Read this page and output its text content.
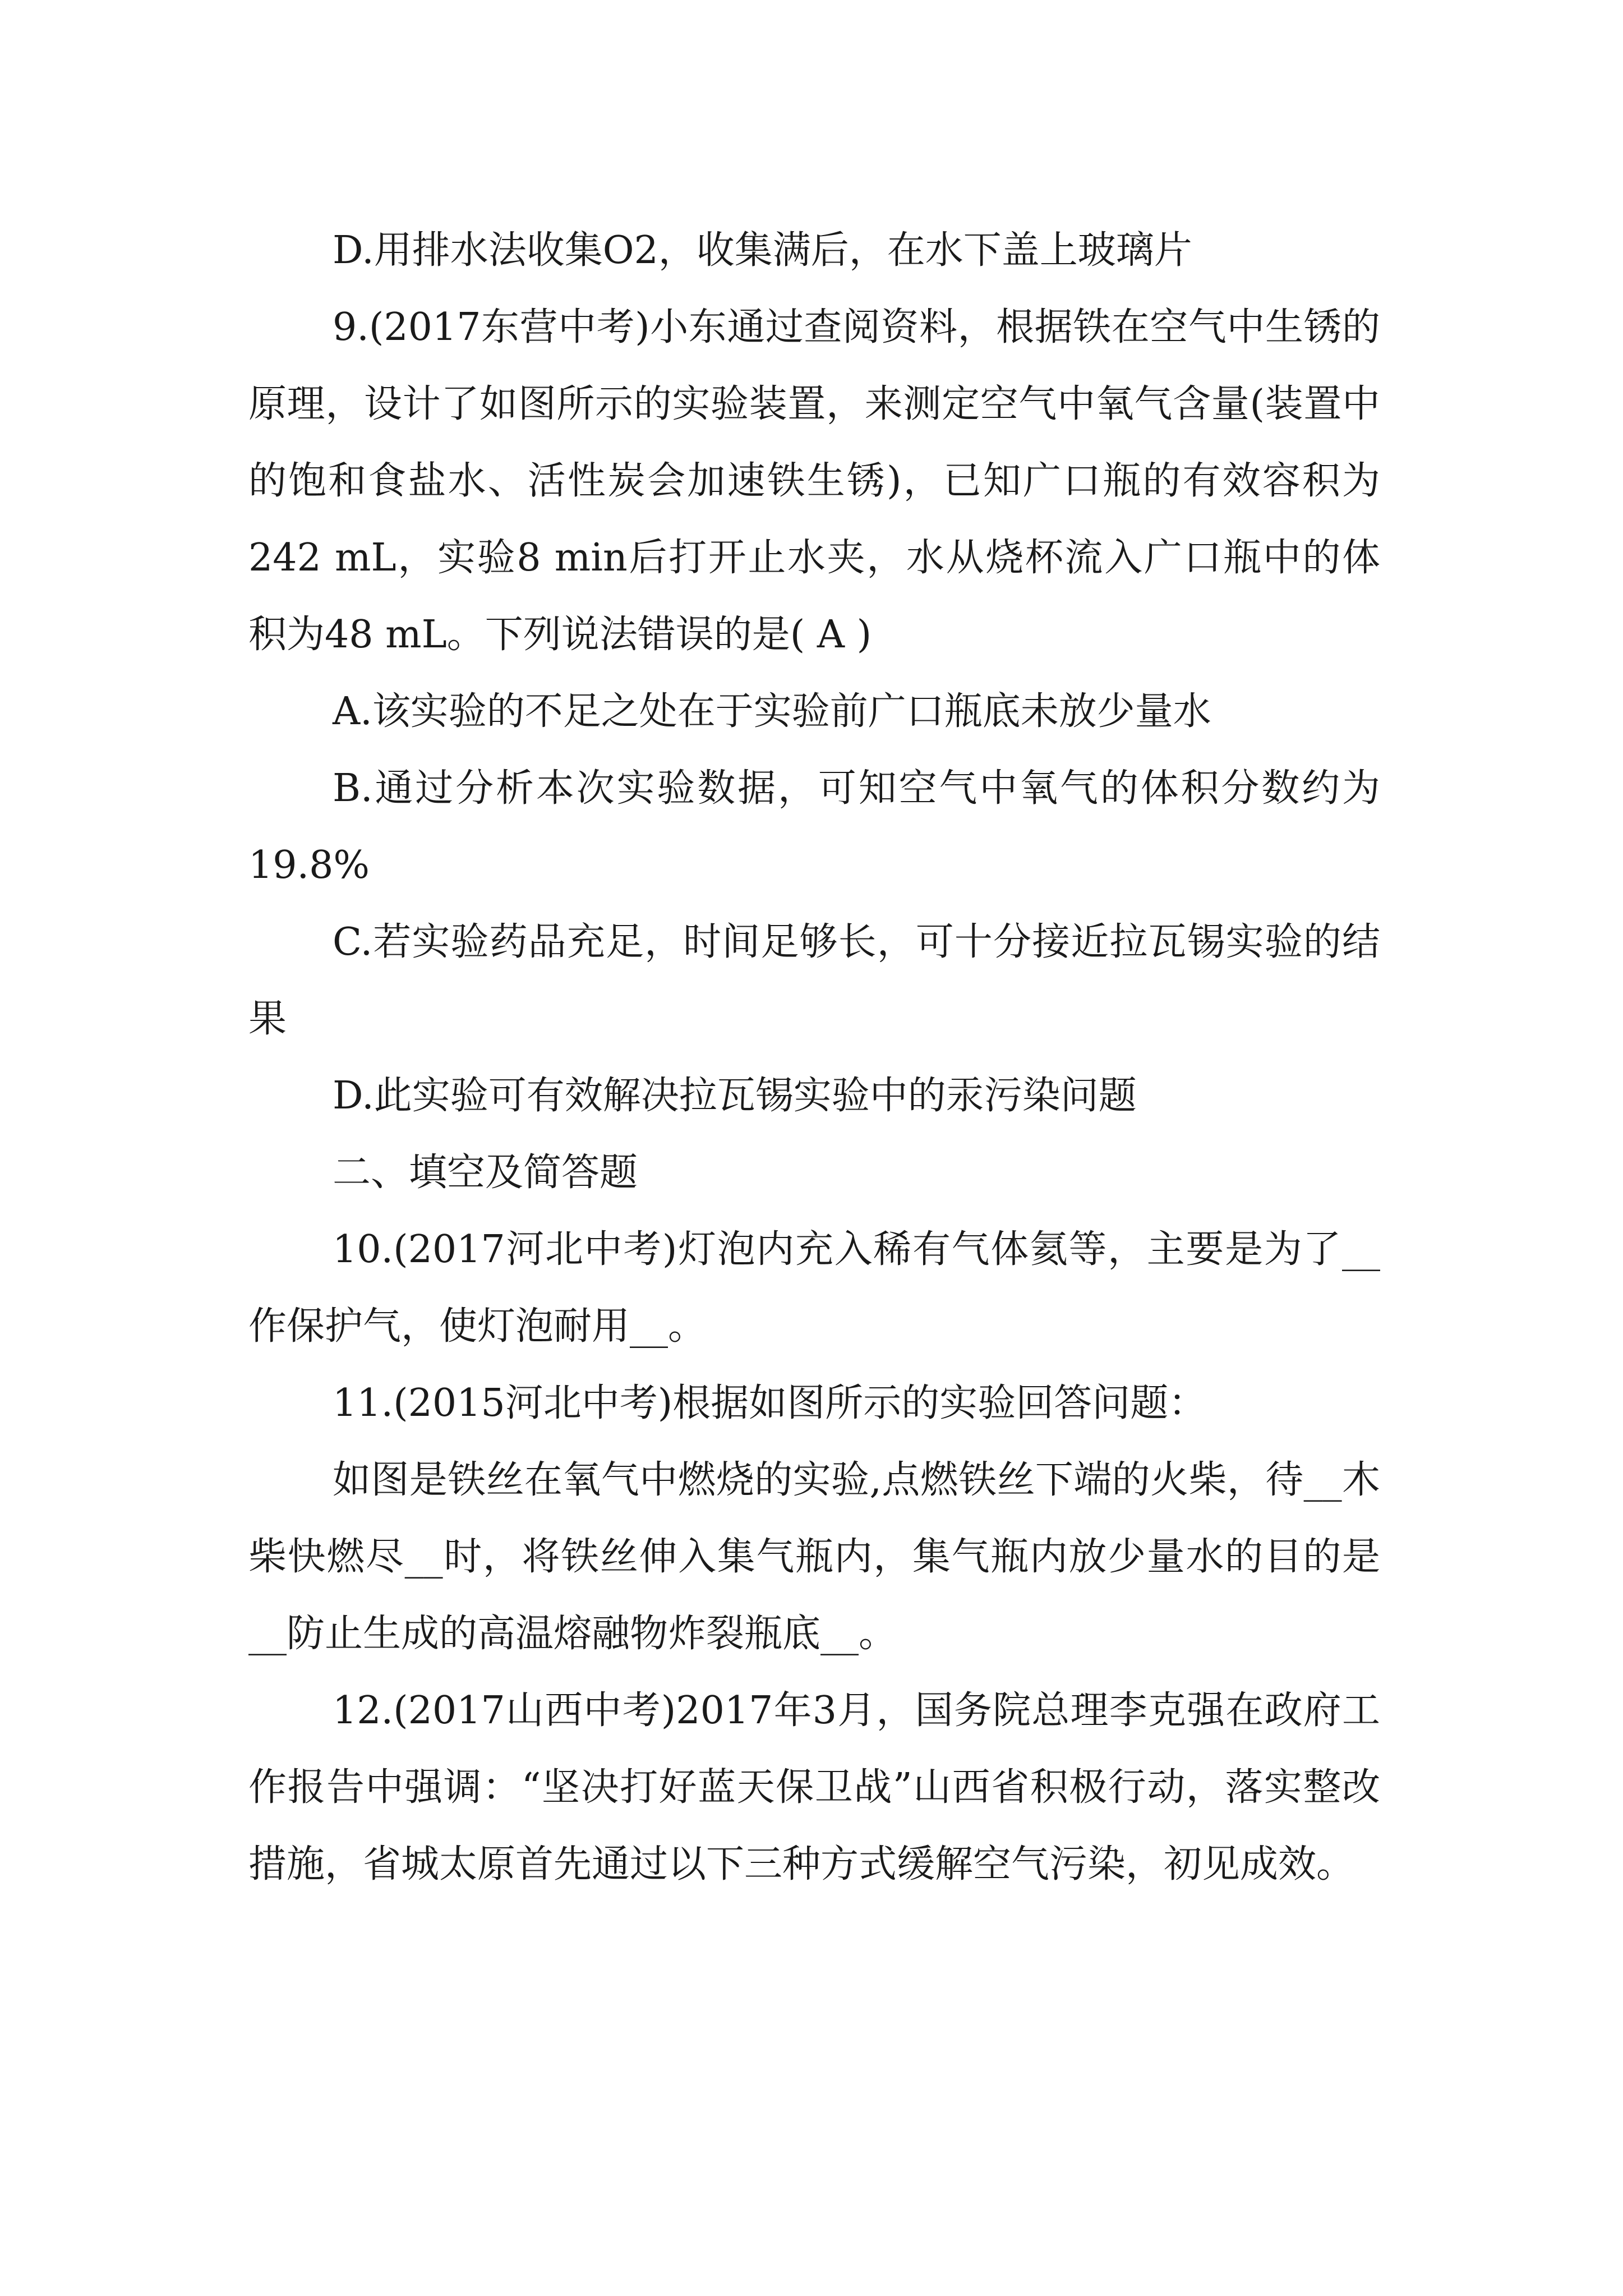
D.用排水法收集O2，收集满后，在水下盖上玻璃片

9.(2017东营中考)小东通过查阅资料，根据铁在空气中生锈的原理，设计了如图所示的实验装置，来测定空气中氧气含量(装置中的饱和食盐水、活性炭会加速铁生锈)，已知广口瓶的有效容积为242 mL，实验8 min后打开止水夹，水从烧杯流入广口瓶中的体积为48 mL。下列说法错误的是( A )

A.该实验的不足之处在于实验前广口瓶底未放少量水

B.通过分析本次实验数据，可知空气中氧气的体积分数约为19.8%

C.若实验药品充足，时间足够长，可十分接近拉瓦锡实验的结果

D.此实验可有效解决拉瓦锡实验中的汞污染问题

二、填空及简答题

10.(2017河北中考)灯泡内充入稀有气体氦等，主要是为了__作保护气，使灯泡耐用__。

11.(2015河北中考)根据如图所示的实验回答问题：

如图是铁丝在氧气中燃烧的实验,点燃铁丝下端的火柴，待__木柴快燃尽__时，将铁丝伸入集气瓶内，集气瓶内放少量水的目的是__防止生成的高温熔融物炸裂瓶底__。

12.(2017山西中考)2017年3月，国务院总理李克强在政府工作报告中强调：“坚决打好蓝天保卫战”山西省积极行动，落实整改措施，省城太原首先通过以下三种方式缓解空气污染，初见成效。
